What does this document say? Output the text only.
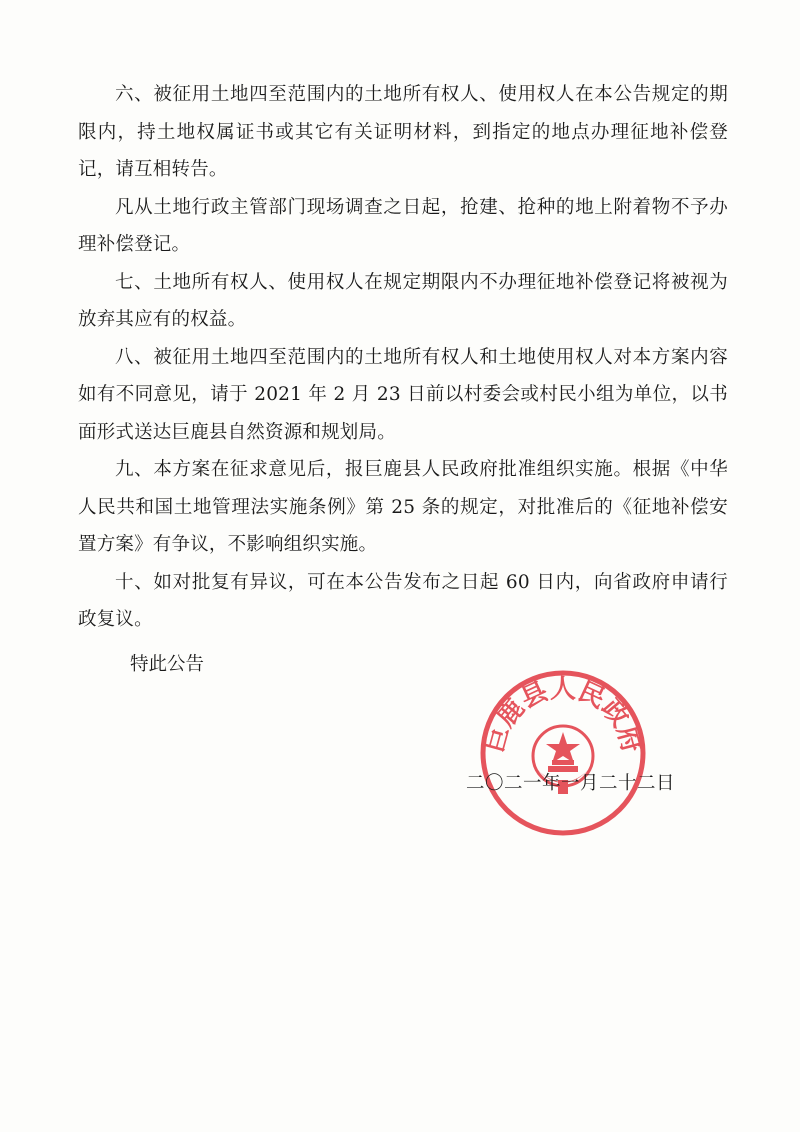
六、被征用土地四至范围内的土地所有权人、使用权人在本公告规定的期限内，持土地权属证书或其它有关证明材料，到指定的地点办理征地补偿登记，请互相转告。

凡从土地行政主管部门现场调查之日起，抢建、抢种的地上附着物不予办理补偿登记。

七、土地所有权人、使用权人在规定期限内不办理征地补偿登记将被视为放弃其应有的权益。

八、被征用土地四至范围内的土地所有权人和土地使用权人对本方案内容如有不同意见，请于 2021 年 2 月 23 日前以村委会或村民小组为单位，以书面形式送达巨鹿县自然资源和规划局。

九、本方案在征求意见后，报巨鹿县人民政府批准组织实施。根据《中华人民共和国土地管理法实施条例》第 25 条的规定，对批准后的《征地补偿安置方案》有争议，不影响组织实施。

十、如对批复有异议，可在本公告发布之日起 60 日内，向省政府申请行政复议。

特此公告
巨鹿县人民政府
二〇二一年一月二十二日
